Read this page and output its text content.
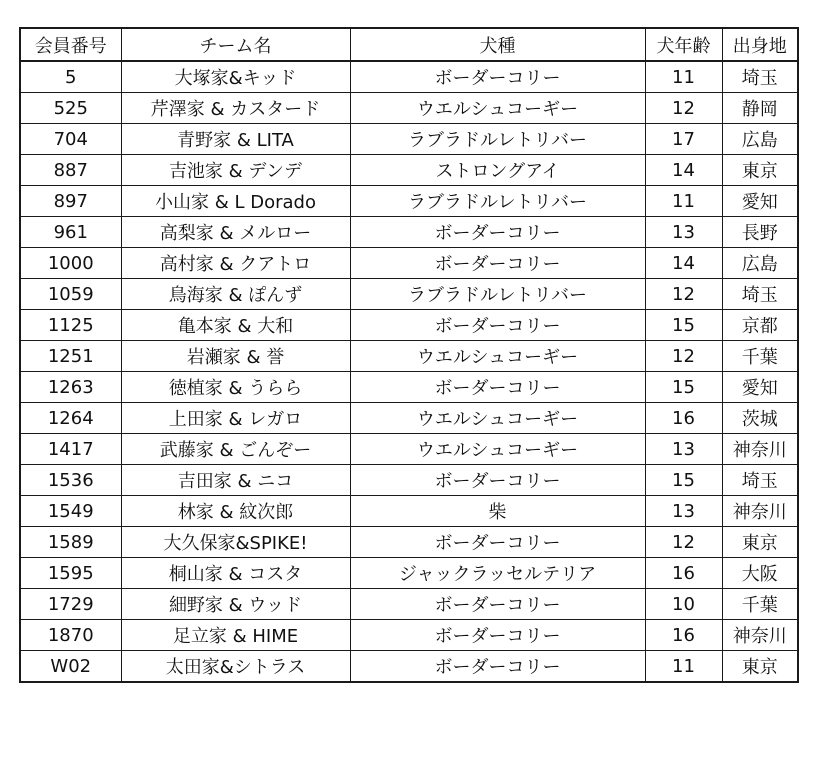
会員番号	チーム名	犬種	犬年齢	出身地
5	大塚家&キッド	ボーダーコリー	11	埼玉
525	芹澤家 & カスタード	ウエルシュコーギー	12	静岡
704	青野家 & LITA	ラブラドルレトリバー	17	広島
887	吉池家 & デンデ	ストロングアイ	14	東京
897	小山家 & L Dorado	ラブラドルレトリバー	11	愛知
961	高梨家 & メルロー	ボーダーコリー	13	長野
1000	高村家 & クアトロ	ボーダーコリー	14	広島
1059	鳥海家 & ぽんず	ラブラドルレトリバー	12	埼玉
1125	亀本家 & 大和	ボーダーコリー	15	京都
1251	岩瀬家 & 誉	ウエルシュコーギー	12	千葉
1263	徳植家 & うらら	ボーダーコリー	15	愛知
1264	上田家 & レガロ	ウエルシュコーギー	16	茨城
1417	武藤家 & ごんぞー	ウエルシュコーギー	13	神奈川
1536	吉田家 & ニコ	ボーダーコリー	15	埼玉
1549	林家 & 紋次郎	柴	13	神奈川
1589	大久保家&SPIKE!	ボーダーコリー	12	東京
1595	桐山家 & コスタ	ジャックラッセルテリア	16	大阪
1729	細野家 & ウッド	ボーダーコリー	10	千葉
1870	足立家 & HIME	ボーダーコリー	16	神奈川
W02	太田家&シトラス	ボーダーコリー	11	東京
